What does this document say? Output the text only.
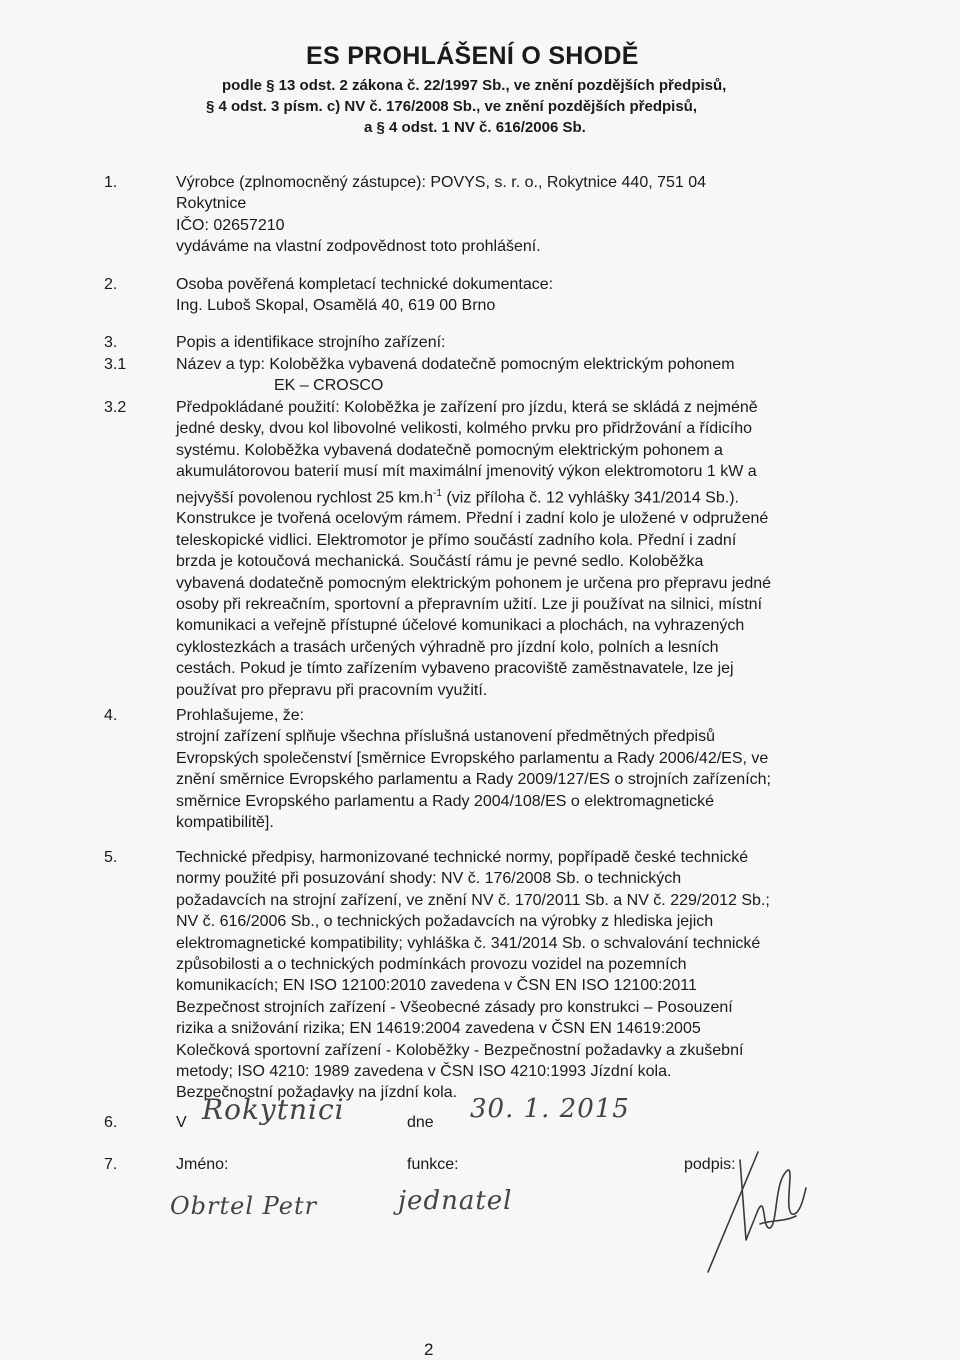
ES PROHLÁŠENÍ O SHODĚ
podle § 13 odst. 2 zákona č. 22/1997 Sb., ve znění pozdějších předpisů,
§ 4 odst. 3 písm. c) NV č. 176/2008 Sb., ve znění pozdějších předpisů,
a § 4 odst. 1 NV č. 616/2006 Sb.
1.	Výrobce (zplnomocněný zástupce): POVYS, s. r. o., Rokytnice 440, 751 04
Rokytnice
IČO: 02657210
vydáváme na vlastní zodpovědnost toto prohlášení.
2.	Osoba pověřená kompletací technické dokumentace:
Ing. Luboš Skopal, Osamělá 40, 619 00 Brno
3.	Popis a identifikace strojního zařízení:
3.1	Název a typ: Koloběžka vybavená dodatečně pomocným elektrickým pohonem
EK – CROSCO
3.2	Předpokládané použití: Koloběžka je zařízení pro jízdu, která se skládá z nejméně
jedné desky, dvou kol libovolné velikosti, kolmého prvku pro přidržování a řídicího
systému. Koloběžka vybavená dodatečně pomocným elektrickým pohonem a
akumulátorovou baterií musí mít maximální jmenovitý výkon elektromotoru 1 kW a
nejvyšší povolenou rychlost 25 $km.h^{-1}$ (viz příloha č. 12 vyhlášky 341/2014 Sb.).
Konstrukce je tvořená ocelovým rámem. Přední i zadní kolo je uložené v odpružené
teleskopické vidlici. Elektromotor je přímo součástí zadního kola. Přední i zadní
brzda je kotoučová mechanická. Součástí rámu je pevné sedlo. Koloběžka
vybavená dodatečně pomocným elektrickým pohonem je určena pro přepravu jedné
osoby při rekreačním, sportovní a přepravním užití. Lze ji používat na silnici, místní
komunikaci a veřejně přístupné účelové komunikaci a plochách, na vyhrazených
cyklostezkách a trasách určených výhradně pro jízdní kolo, polních a lesních
cestách. Pokud je tímto zařízením vybaveno pracoviště zaměstnavatele, lze jej
používat pro přepravu při pracovním využití.
4.	Prohlašujeme, že:
strojní zařízení splňuje všechna příslušná ustanovení předmětných předpisů
Evropských společenství [směrnice Evropského parlamentu a Rady 2006/42/ES, ve
znění směrnice Evropského parlamentu a Rady 2009/127/ES o strojních zařízeních;
směrnice Evropského parlamentu a Rady 2004/108/ES o elektromagnetické
kompatibilitě].
5.	Technické předpisy, harmonizované technické normy, popřípadě české technické
normy použité při posuzování shody: NV č. 176/2008 Sb. o technických
požadavcích na strojní zařízení, ve znění NV č. 170/2011 Sb. a NV č. 229/2012 Sb.;
NV č. 616/2006 Sb., o technických požadavcích na výrobky z hlediska jejich
elektromagnetické kompatibility; vyhláška č. 341/2014 Sb. o schvalování technické
způsobilosti a o technických podmínkách provozu vozidel na pozemních
komunikacích; EN ISO 12100:2010 zavedena v ČSN EN ISO 12100:2011
Bezpečnost strojních zařízení - Všeobecné zásady pro konstrukci – Posouzení
rizika a snižování rizika; EN 14619:2004 zavedena v ČSN EN 14619:2005
Kolečková sportovní zařízení - Koloběžky - Bezpečnostní požadavky a zkušební
metody; ISO 4210: 1989 zavedena v ČSN ISO 4210:1993 Jízdní kola.
Bezpečnostní požadavky na jízdní kola.
6.	V Rokytnici	dne 30. 1. 2015
7.	Jméno:	funkce:	podpis:
Obrtel Petr	jednatel
2
